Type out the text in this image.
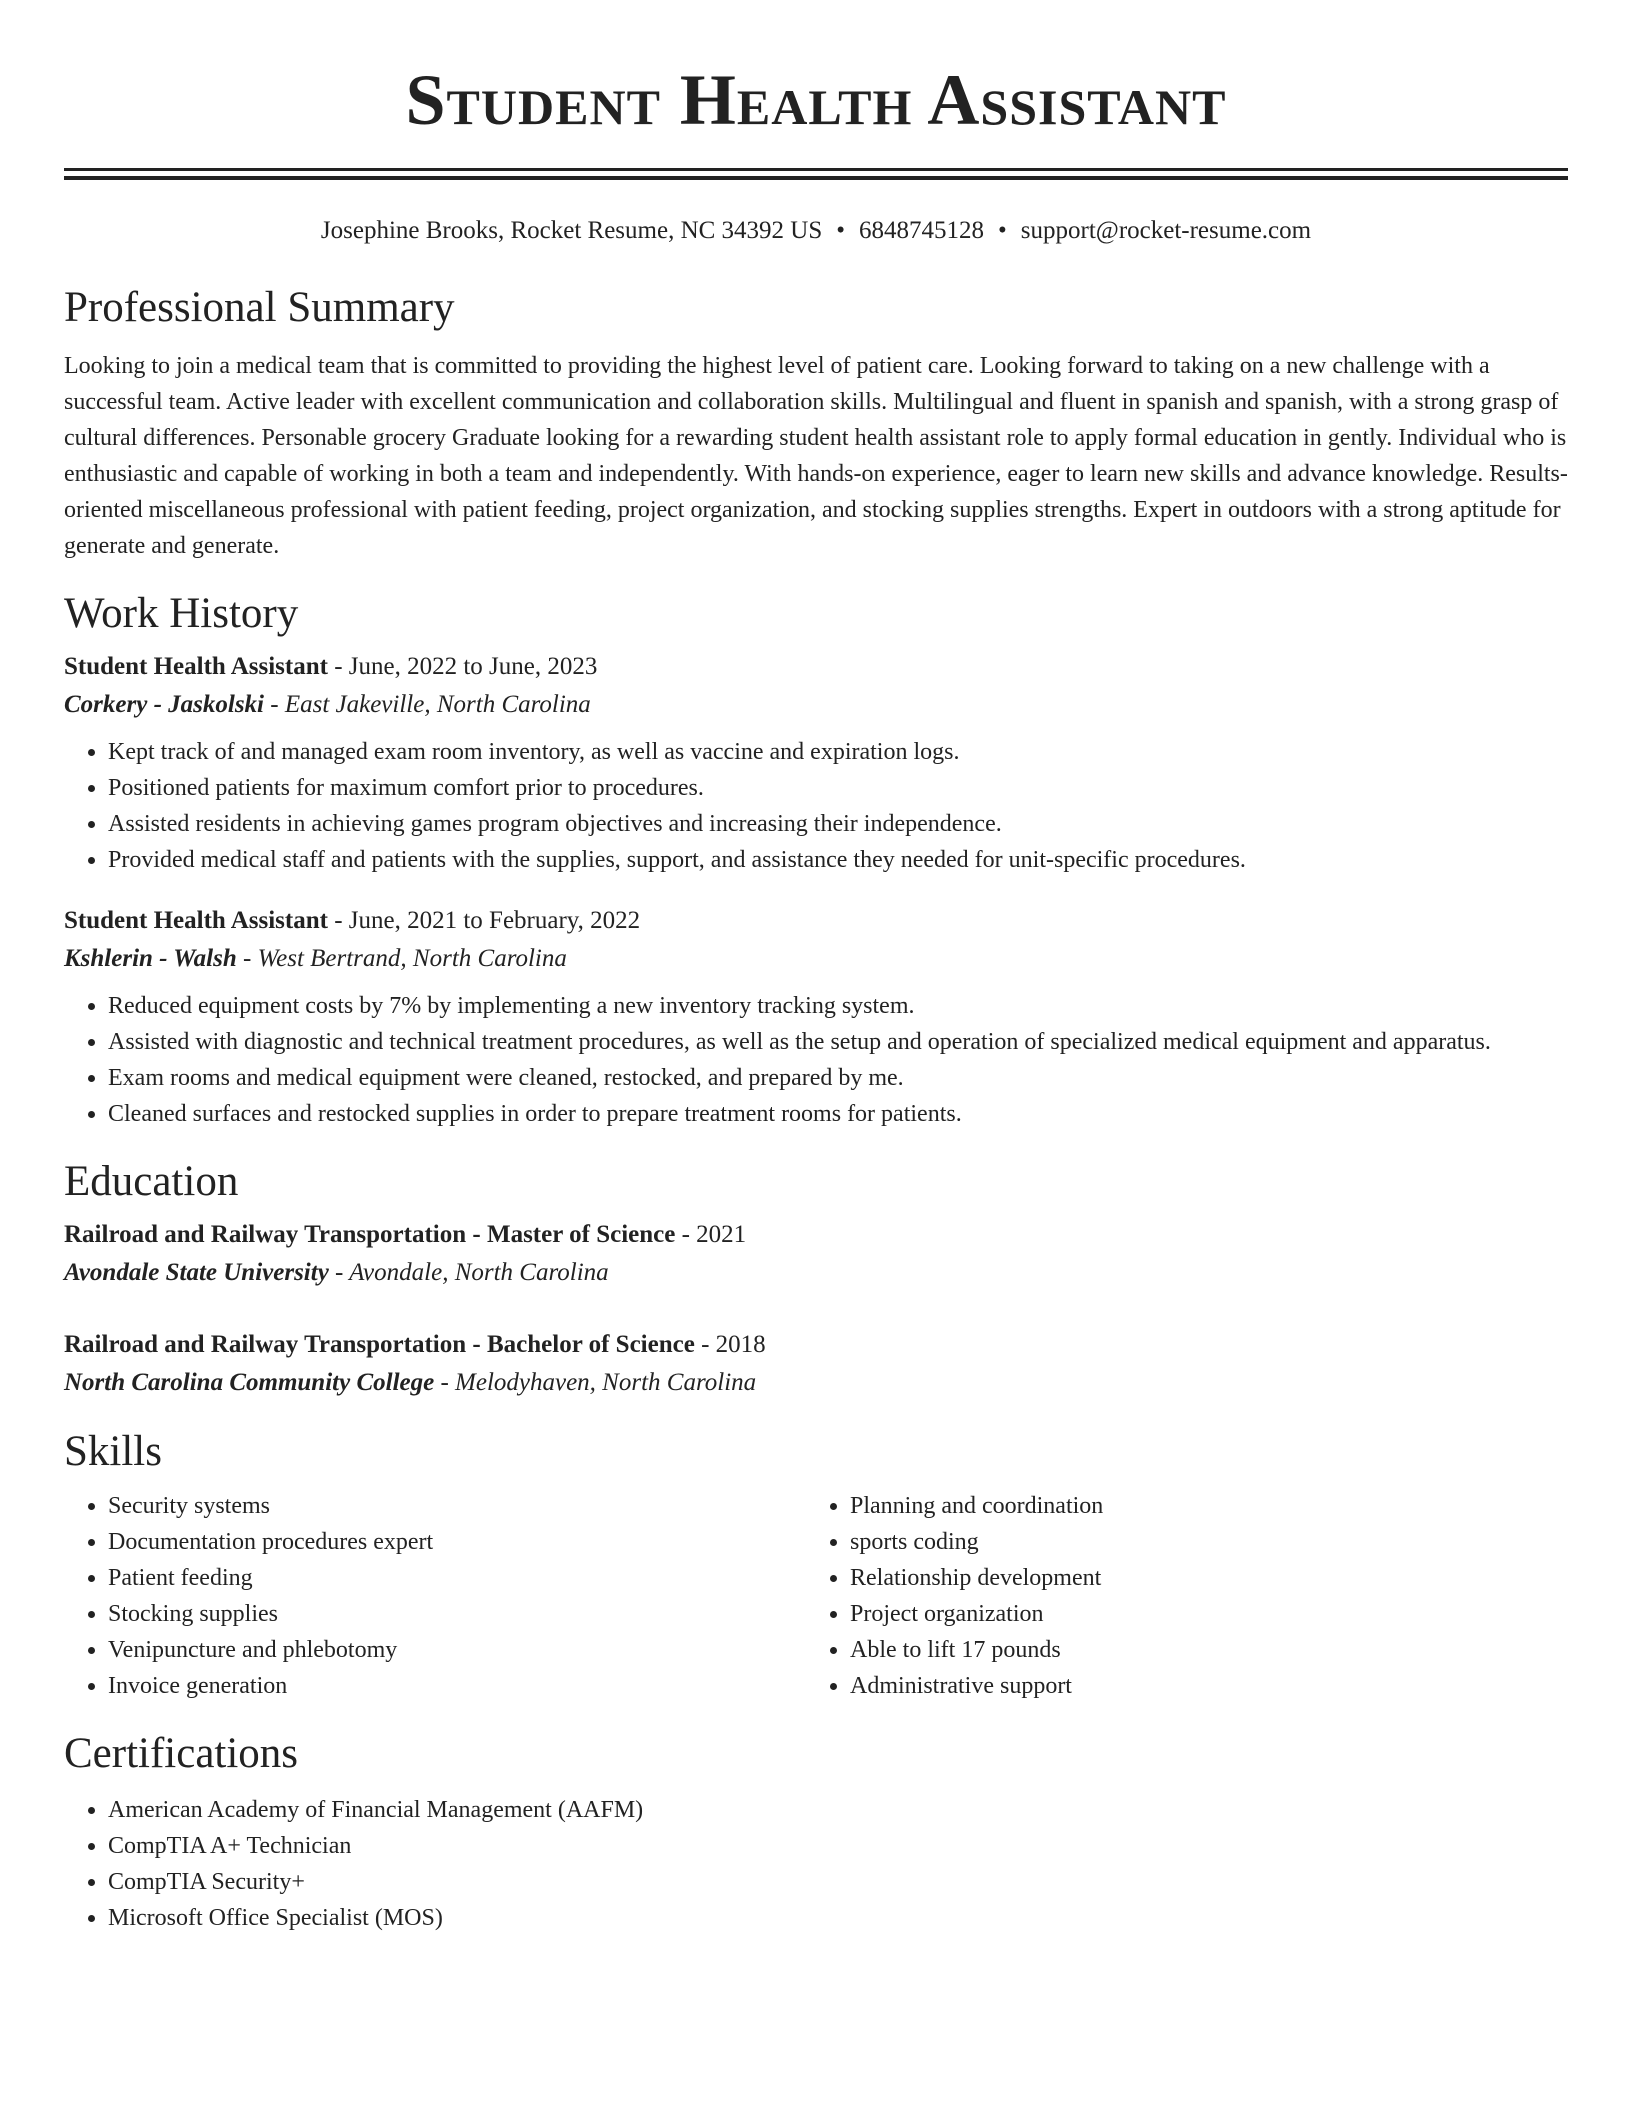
Student Health Assistant
Josephine Brooks, Rocket Resume, NC 34392 US • 6848745128 • support@rocket-resume.com
Professional Summary

Looking to join a medical team that is committed to providing the highest level of patient care. Looking forward to taking on a new challenge with a successful team. Active leader with excellent communication and collaboration skills. Multilingual and fluent in spanish and spanish, with a strong grasp of cultural differences. Personable grocery Graduate looking for a rewarding student health assistant role to apply formal education in gently. Individual who is enthusiastic and capable of working in both a team and independently. With hands-on experience, eager to learn new skills and advance knowledge. Results-oriented miscellaneous professional with patient feeding, project organization, and stocking supplies strengths. Expert in outdoors with a strong aptitude for generate and generate.

Work History
Student Health Assistant - June, 2022 to June, 2023
Corkery - Jaskolski - East Jakeville, North Carolina
• Kept track of and managed exam room inventory, as well as vaccine and expiration logs.
• Positioned patients for maximum comfort prior to procedures.
• Assisted residents in achieving games program objectives and increasing their independence.
• Provided medical staff and patients with the supplies, support, and assistance they needed for unit-specific procedures.
Student Health Assistant - June, 2021 to February, 2022
Kshlerin - Walsh - West Bertrand, North Carolina
• Reduced equipment costs by 7% by implementing a new inventory tracking system.
• Assisted with diagnostic and technical treatment procedures, as well as the setup and operation of specialized medical equipment and apparatus.
• Exam rooms and medical equipment were cleaned, restocked, and prepared by me.
• Cleaned surfaces and restocked supplies in order to prepare treatment rooms for patients.
Education
Railroad and Railway Transportation - Master of Science - 2021
Avondale State University - Avondale, North Carolina
Railroad and Railway Transportation - Bachelor of Science - 2018
North Carolina Community College - Melodyhaven, North Carolina
Skills
• Security systems
• Documentation procedures expert
• Patient feeding
• Stocking supplies
• Venipuncture and phlebotomy
• Invoice generation
• Planning and coordination
• sports coding
• Relationship development
• Project organization
• Able to lift 17 pounds
• Administrative support
Certifications
• American Academy of Financial Management (AAFM)
• CompTIA A+ Technician
• CompTIA Security+
• Microsoft Office Specialist (MOS)
